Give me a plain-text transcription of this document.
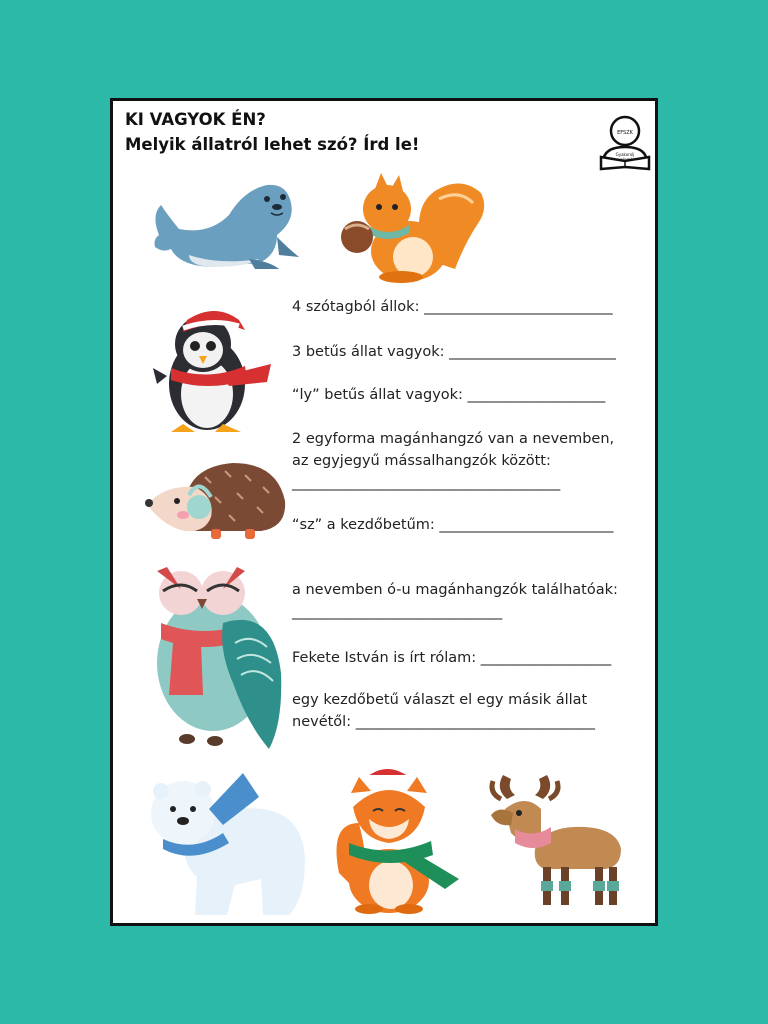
KI VAGYOK ÉN?
Melyik állatról lehet szó? Írd le!
EFSZK
Gyakorolj
velem!
4 szótagból állok: __________________________
3 betűs állat vagyok: _______________________
“ly” betűs állat vagyok: ___________________
2 egyforma magánhangzó van a nevemben,
az egyjegyű mássalhangzók között:
_____________________________________
“sz” a kezdőbetűm: ________________________
a nevemben ó-u magánhangzók találhatóak:
_____________________________
Fekete István is írt rólam: __________________
egy kezdőbetű választ el egy másik állat
nevétől: _________________________________
